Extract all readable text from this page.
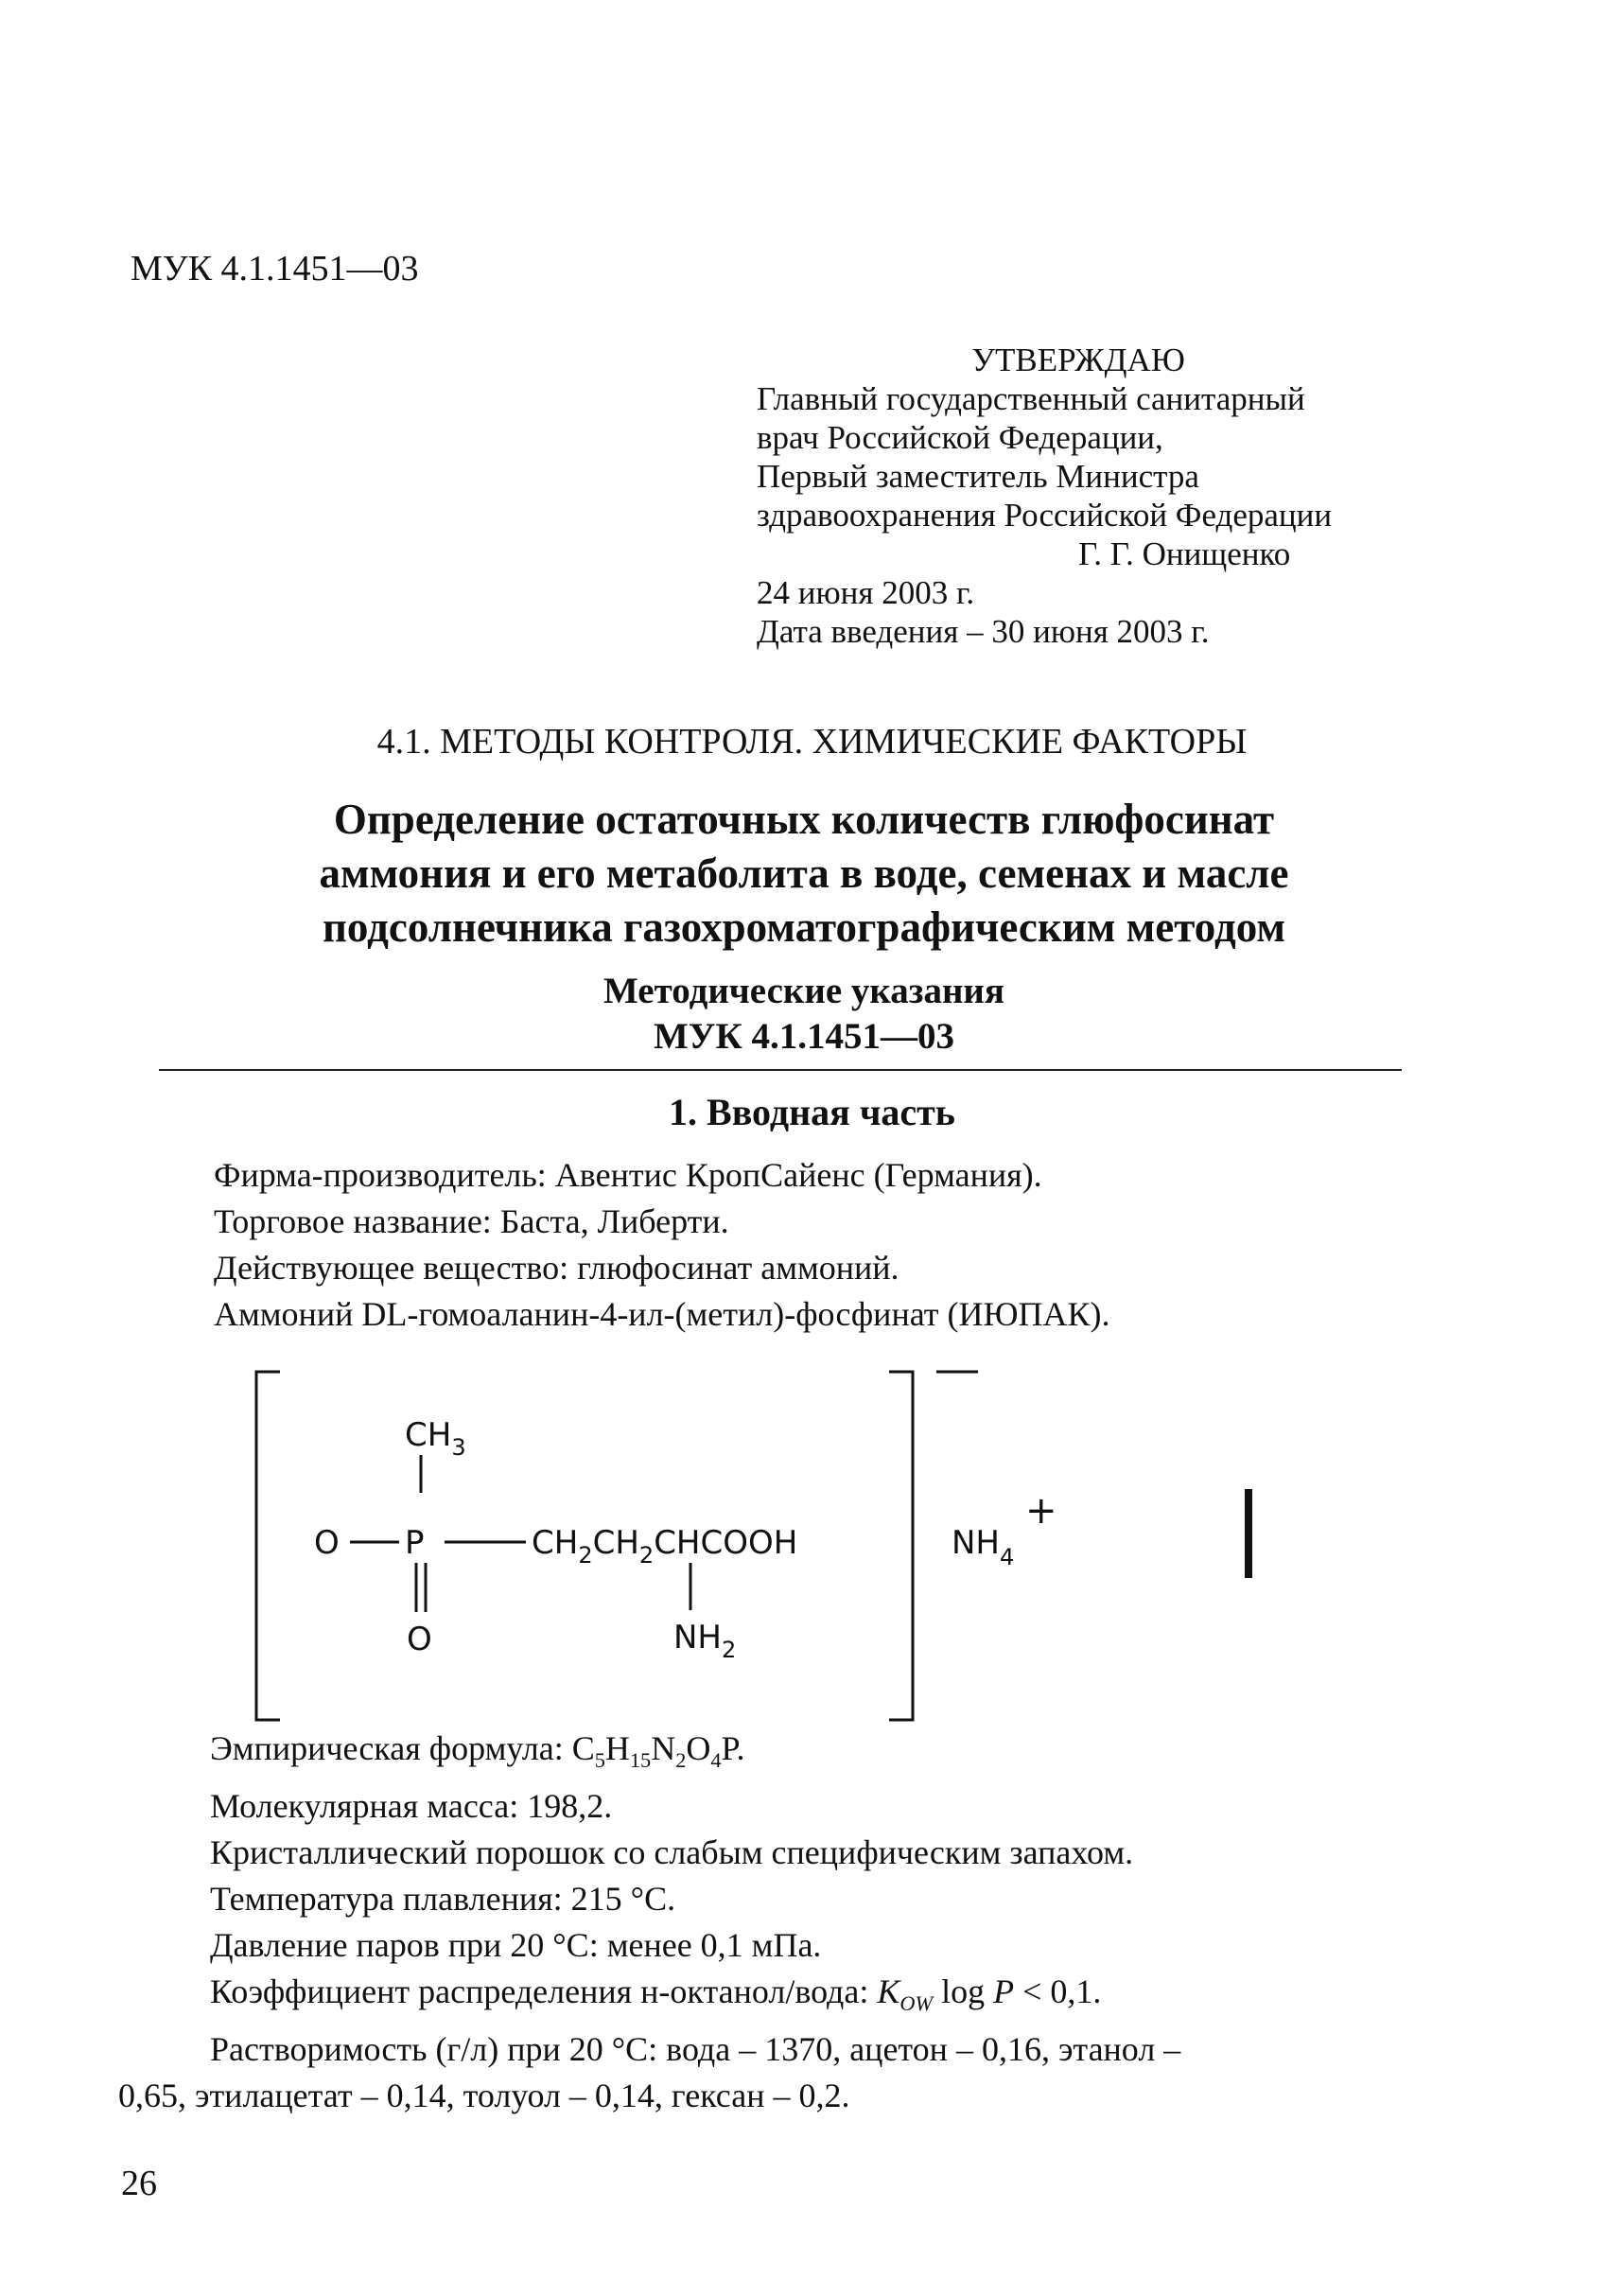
МУК 4.1.1451—03
УТВЕРЖДАЮ
Главный государственный санитарный
врач Российской Федерации,
Первый заместитель Министра
здравоохранения Российской Федерации
Г. Г. Онищенко
24 июня 2003 г.
Дата введения – 30 июня 2003 г.
4.1. МЕТОДЫ КОНТРОЛЯ. ХИМИЧЕСКИЕ ФАКТОРЫ
Определение остаточных количеств глюфосинат
аммония и его метаболита в воде, семенах и масле
подсолнечника газохроматографическим методом
Методические указания
МУК 4.1.1451—03
1. Вводная часть
Фирма-производитель: Авентис КропСайенс (Германия).
Торговое название: Баста, Либерти.
Действующее вещество: глюфосинат аммоний.
Аммоний DL-гомоаланин-4-ил-(метил)-фосфинат (ИЮПАК).
$CH_3$
O P	$CH_2CH_2CHCOOH$
O	$NH_2$
$NH_4$
+
Эмпирическая формула: $C_5H_{15}N_2O_4P$.
Молекулярная масса: 198,2.
Кристаллический порошок со слабым специфическим запахом.
Температура плавления: 215 °С.
Давление паров при 20 °С: менее 0,1 мПа.
Коэффициент распределения н-октанол/вода: $K_{OW}$ log P < 0,1.
Растворимость (г/л) при 20 °С: вода – 1370, ацетон – 0,16, этанол –
0,65, этилацетат – 0,14, толуол – 0,14, гексан – 0,2.
26
